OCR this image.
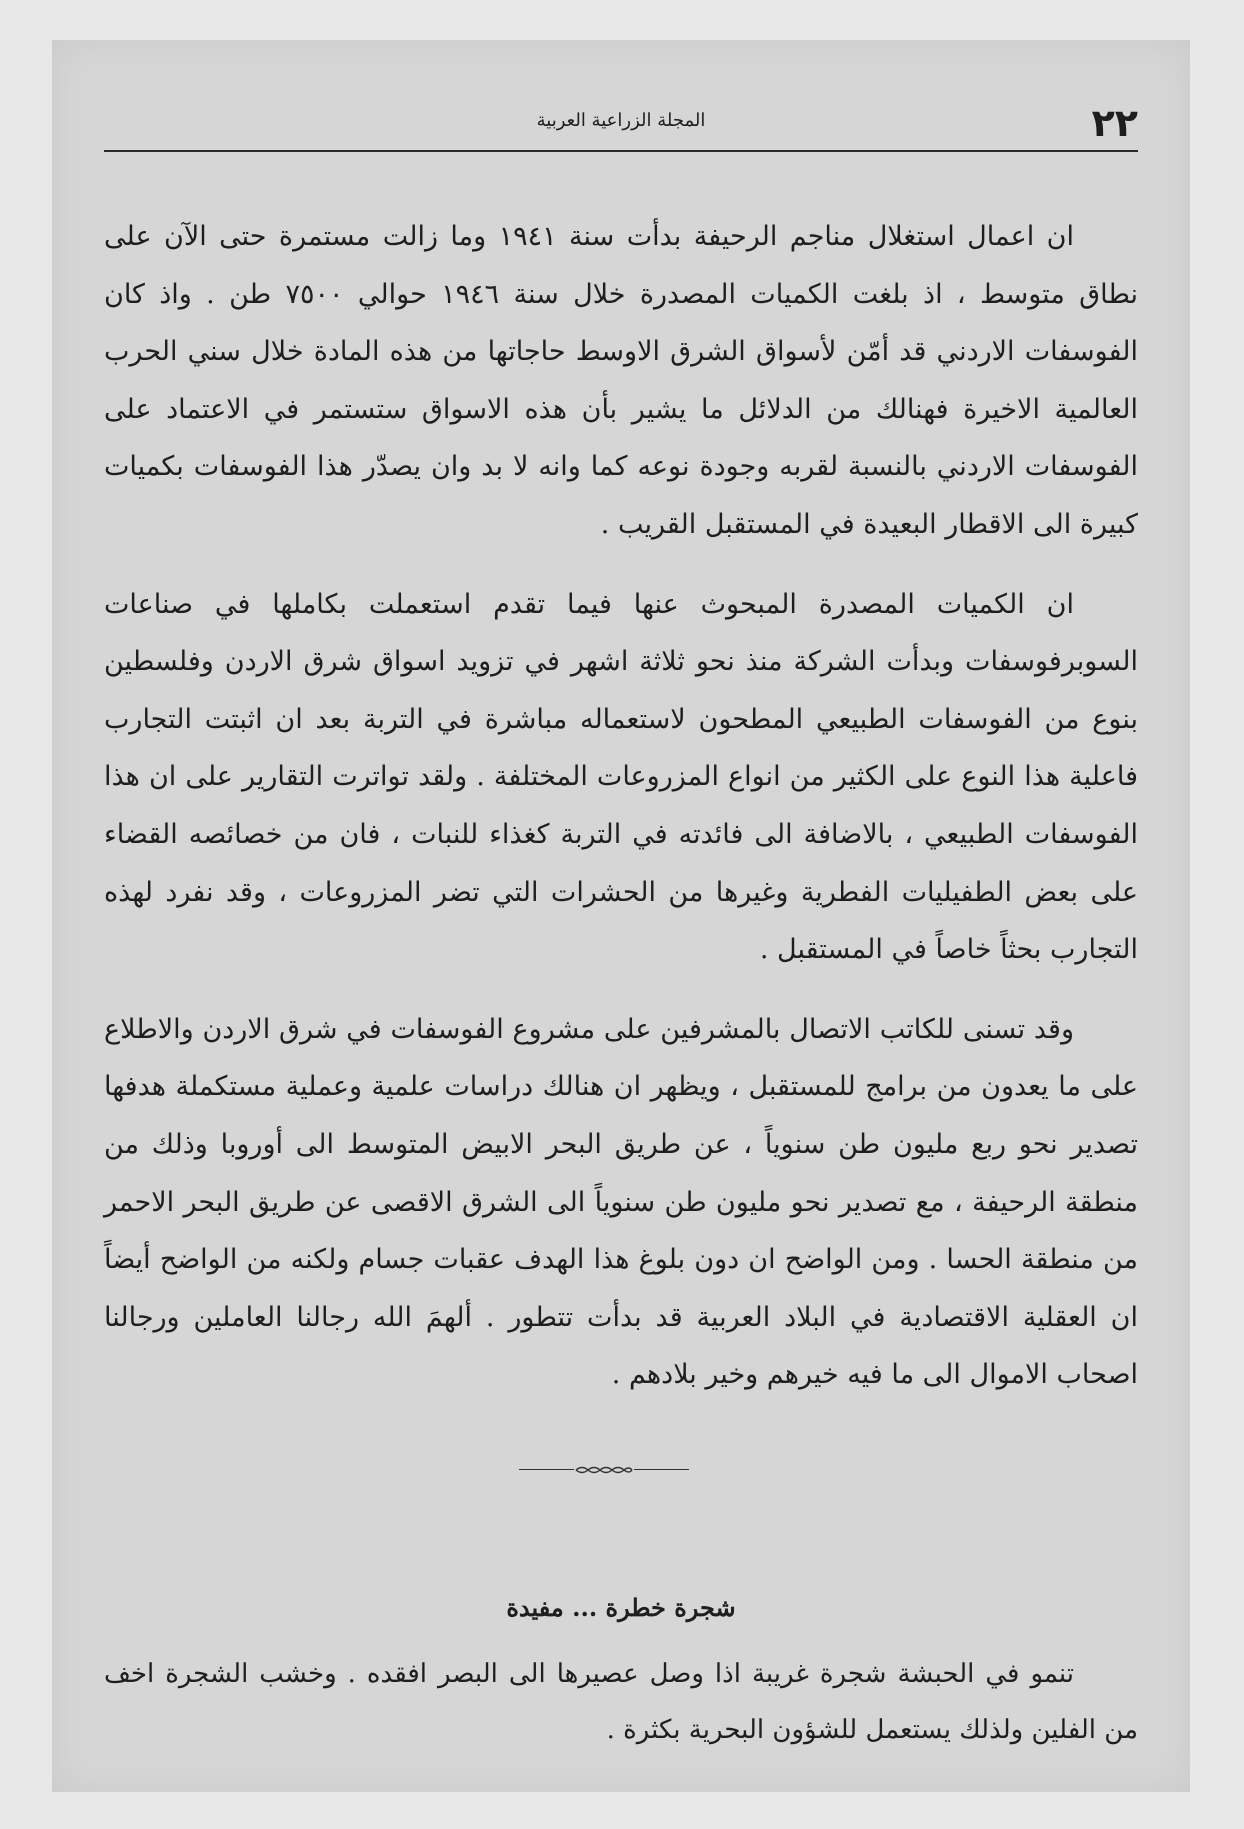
٢٢
المجلة الزراعية العربية

ان اعمال استغلال مناجم الرحيفة بدأت سنة ١٩٤١ وما زالت مستمرة حتى الآن على نطاق متوسط ، اذ بلغت الكميات المصدرة خلال سنة ١٩٤٦ حوالي ٧٥٠٠ طن . واذ كان الفوسفات الاردني قد أمّن لأسواق الشرق الاوسط حاجاتها من هذه المادة خلال سني الحرب العالمية الاخيرة فهنالك من الدلائل ما يشير بأن هذه الاسواق ستستمر في الاعتماد على الفوسفات الاردني بالنسبة لقربه وجودة نوعه كما وانه لا بد وان يصدّر هذا الفوسفات بكميات كبيرة الى الاقطار البعيدة في المستقبل القريب .

ان الكميات المصدرة المبحوث عنها فيما تقدم استعملت بكاملها في صناعات السوبرفوسفات وبدأت الشركة منذ نحو ثلاثة اشهر في تزويد اسواق شرق الاردن وفلسطين بنوع من الفوسفات الطبيعي المطحون لاستعماله مباشرة في التربة بعد ان اثبتت التجارب فاعلية هذا النوع على الكثير من انواع المزروعات المختلفة . ولقد تواترت التقارير على ان هذا الفوسفات الطبيعي ، بالاضافة الى فائدته في التربة كغذاء للنبات ، فان من خصائصه القضاء على بعض الطفيليات الفطرية وغيرها من الحشرات التي تضر المزروعات ، وقد نفرد لهذه التجارب بحثاً خاصاً في المستقبل .

وقد تسنى للكاتب الاتصال بالمشرفين على مشروع الفوسفات في شرق الاردن والاطلاع على ما يعدون من برامج للمستقبل ، ويظهر ان هنالك دراسات علمية وعملية مستكملة هدفها تصدير نحو ربع مليون طن سنوياً ، عن طريق البحر الابيض المتوسط الى أوروبا وذلك من منطقة الرحيفة ، مع تصدير نحو مليون طن سنوياً الى الشرق الاقصى عن طريق البحر الاحمر من منطقة الحسا . ومن الواضح ان دون بلوغ هذا الهدف عقبات جسام ولكنه من الواضح أيضاً ان العقلية الاقتصادية في البلاد العربية قد بدأت تتطور . ألهمَ الله رجالنا العاملين ورجالنا اصحاب الاموال الى ما فيه خيرهم وخير بلادهم .

شجرة خطرة ... مفيدة

تنمو في الحبشة شجرة غريبة اذا وصل عصيرها الى البصر افقده . وخشب الشجرة اخف من الفلين ولذلك يستعمل للشؤون البحرية بكثرة .
